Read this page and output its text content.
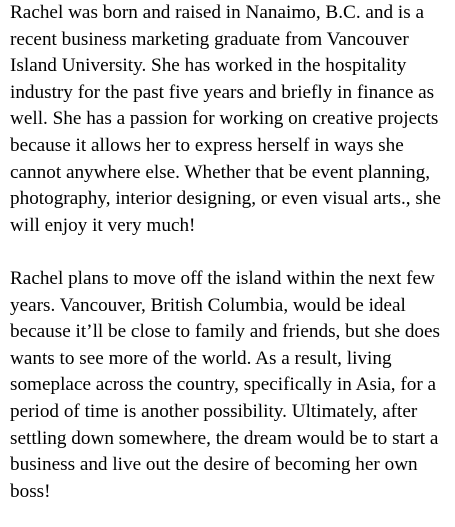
Rachel was born and raised in Nanaimo, B.C. and is a
recent business marketing graduate from Vancouver
Island University. She has worked in the hospitality
industry for the past five years and briefly in finance as
well. She has a passion for working on creative projects
because it allows her to express herself in ways she
cannot anywhere else. Whether that be event planning,
photography, interior designing, or even visual arts., she
will enjoy it very much!
Rachel plans to move off the island within the next few
years. Vancouver, British Columbia, would be ideal
because it’ll be close to family and friends, but she does
wants to see more of the world. As a result, living
someplace across the country, specifically in Asia, for a
period of time is another possibility. Ultimately, after
settling down somewhere, the dream would be to start a
business and live out the desire of becoming her own
boss!
